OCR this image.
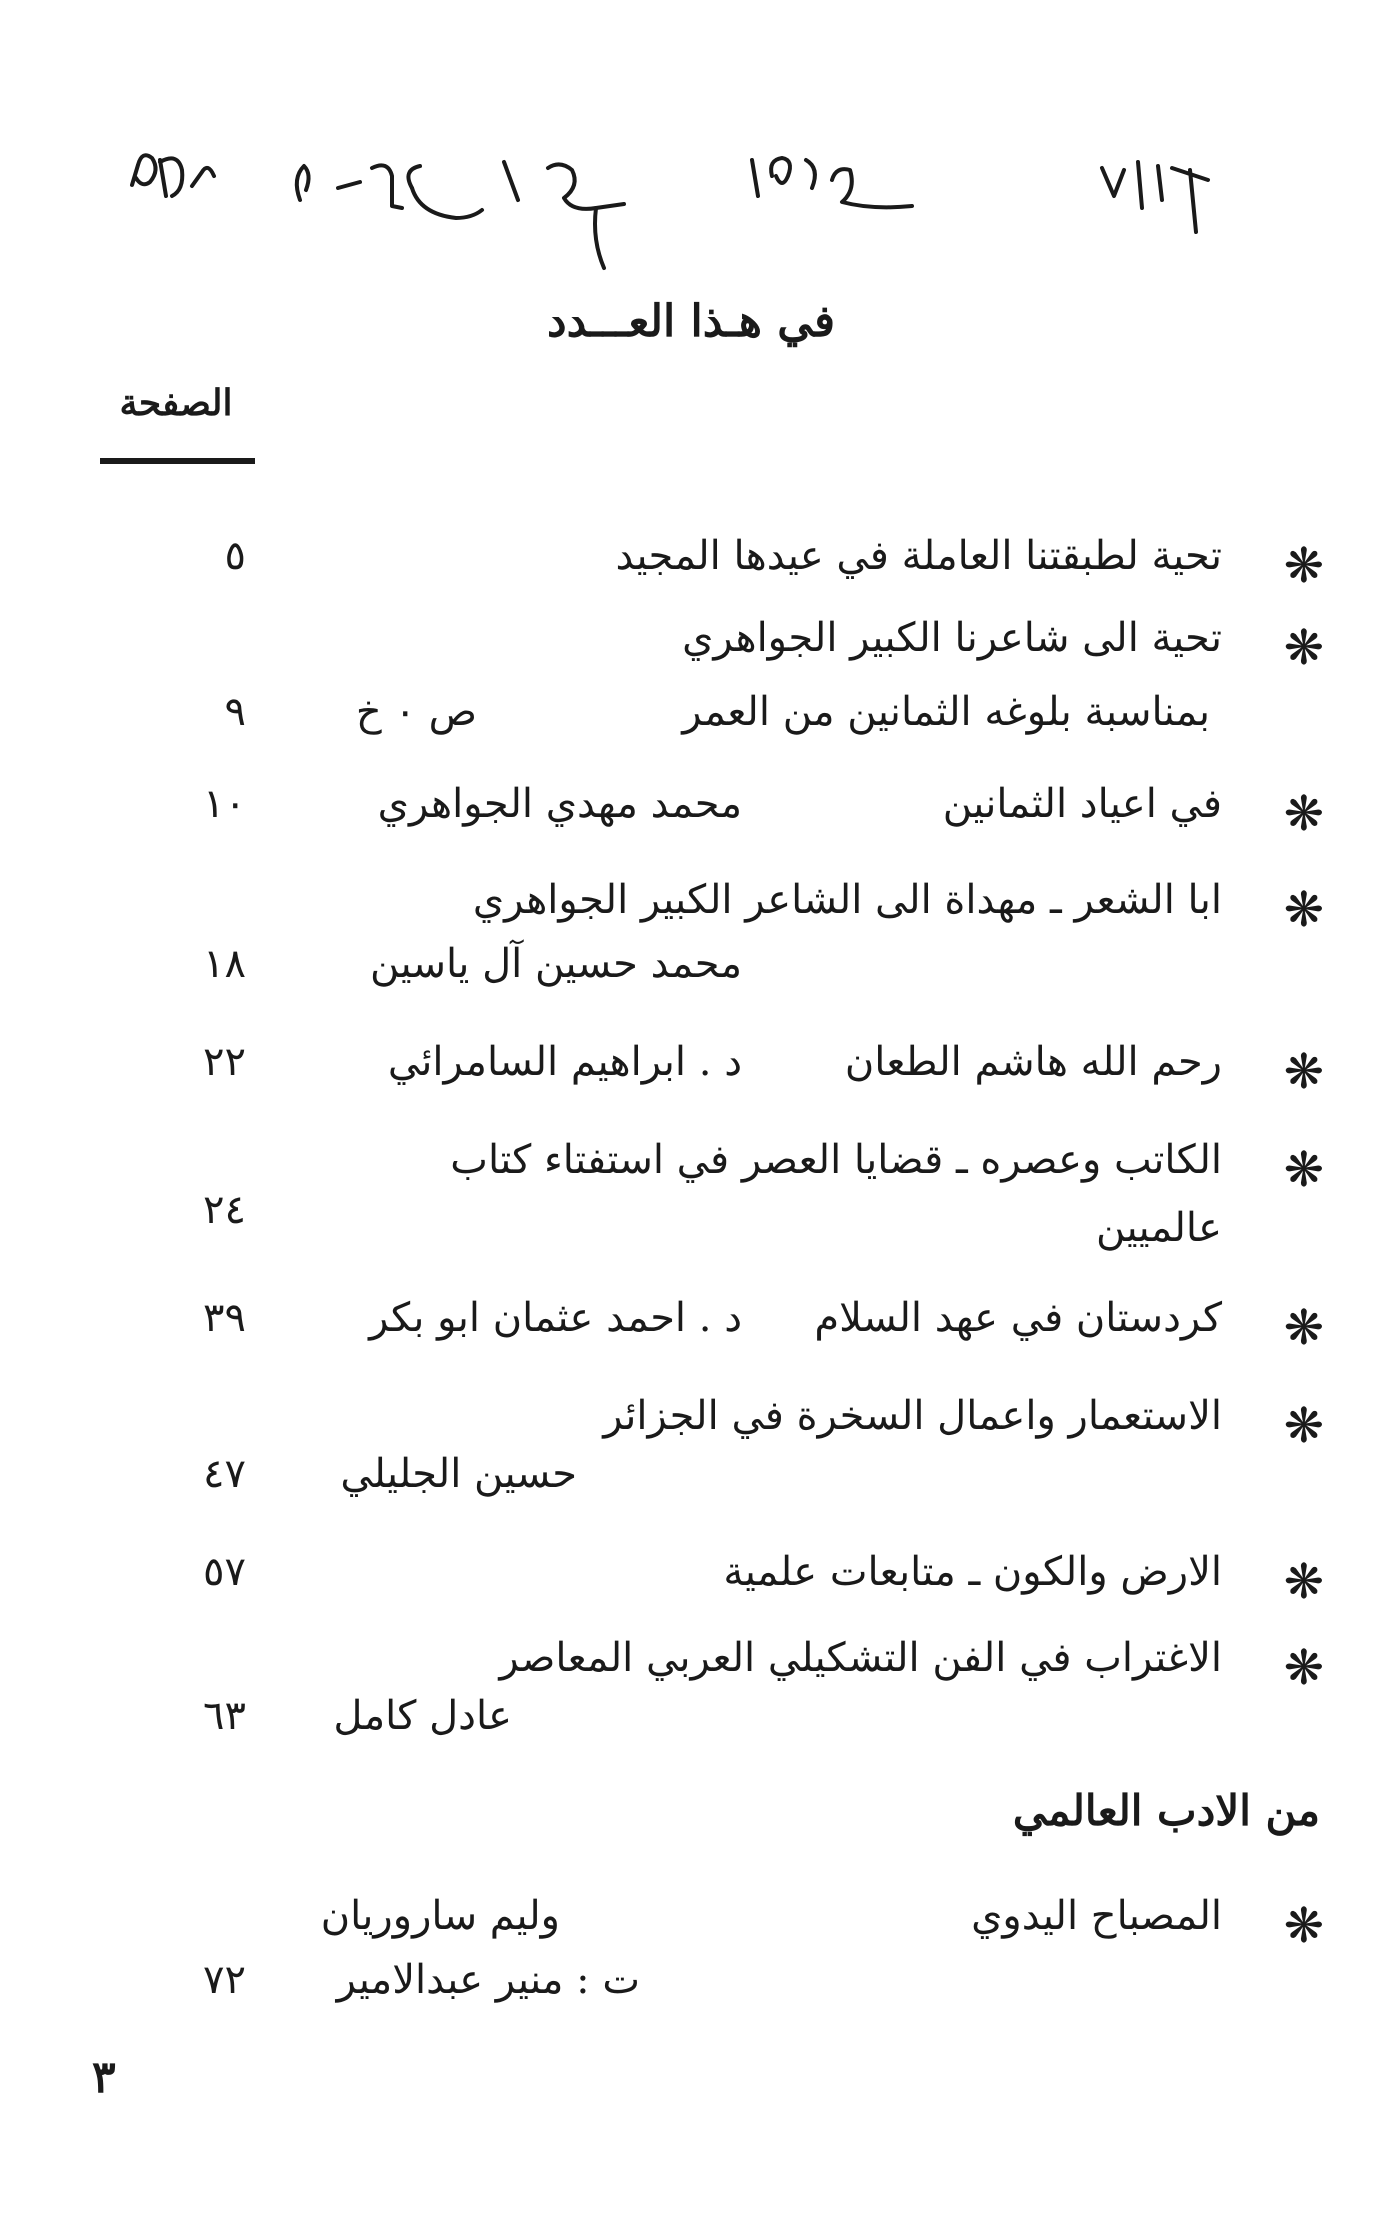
في هـذا العـــدد
الصفحة
❋
تحية لطبقتنا العاملة في عيدها المجيد
٥
❋
تحية الى شاعرنا الكبير الجواهري
بمناسبة بلوغه الثمانين من العمر
ص ٠ خ
٩
❋
في اعياد الثمانين
محمد مهدي الجواهري
١٠
❋
ابا الشعر ـ مهداة الى الشاعر الكبير الجواهري
محمد حسين آل ياسين
١٨
❋
رحم الله هاشم الطعان
د . ابراهيم السامرائي
٢٢
❋
الكاتب وعصره ـ قضايا العصر في استفتاء كتاب
عالميين
٢٤
❋
كردستان في عهد السلام
د . احمد عثمان ابو بكر
٣٩
❋
الاستعمار واعمال السخرة في الجزائر
حسين الجليلي
٤٧
❋
الارض والكون ـ متابعات علمية
٥٧
❋
الاغتراب في الفن التشكيلي العربي المعاصر
عادل كامل
٦٣
من الادب العالمي
❋
المصباح اليدوي
وليم ساروريان
ت : منير عبدالامير
٧٢
٣
